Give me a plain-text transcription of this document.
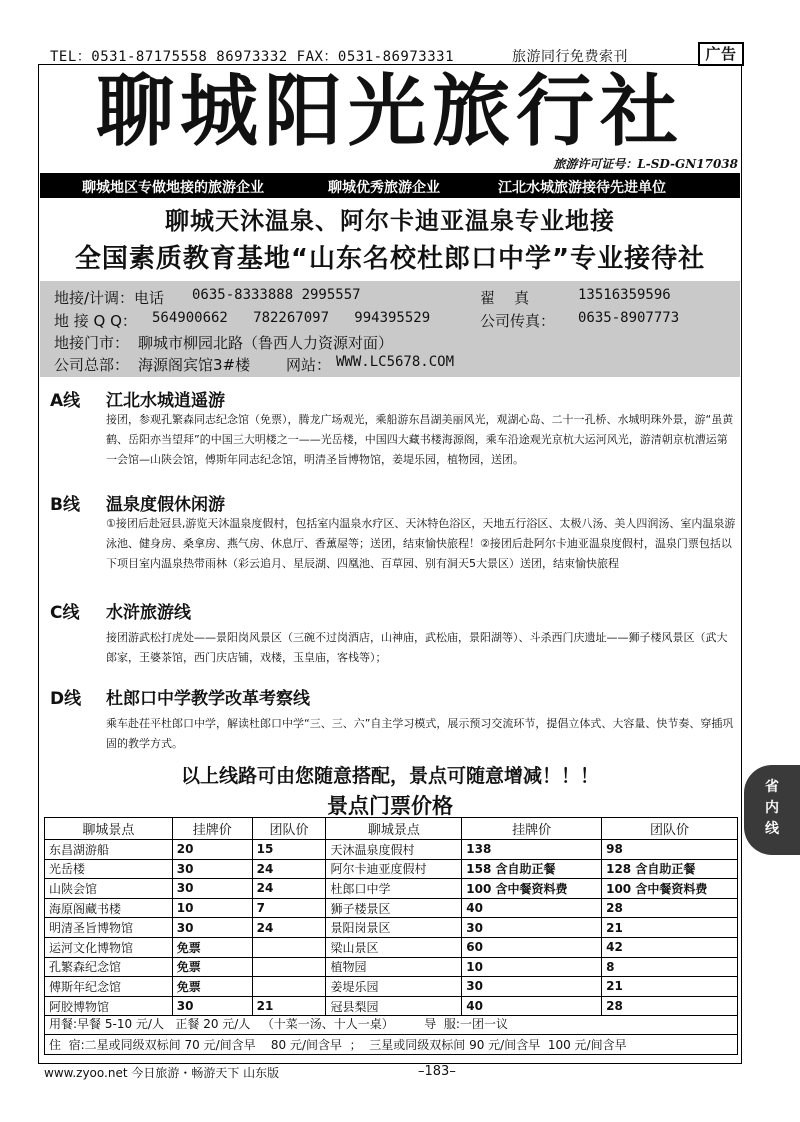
TEL：0531-87175558 86973332 FAX：0531-86973331	旅游同行免费索刊	广告
聊城阳光旅行社
旅游许可证号：L-SD-GN17038
聊城地区专做地接的旅游企业	聊城优秀旅游企业	江北水城旅游接待先进单位
聊城天沐温泉、阿尔卡迪亚温泉专业地接
全国素质教育基地“山东名校杜郎口中学”专业接待社
地接/计调：电话 0635-8333888 2995557	翟    真	13516359596
地 接 Q Q： 564900662   782267097   994395529	公司传真： 0635-8907773
地接门市： 聊城市柳园北路（鲁西人力资源对面）
公司总部： 海源阁宾馆3#楼 网站： WWW.LC5678.COM
A线 江北水城逍遥游
接团，参观孔繁森同志纪念馆（免票），腾龙广场观光，乘船游东昌湖美丽风光，观湖心岛、二十一孔桥、水城明珠外景，游“虽黄鹤、岳阳亦当望拜”的中国三大明楼之一——光岳楼，中国四大藏书楼海源阁，乘车沿途观光京杭大运河风光，游清朝京杭漕运第一会馆—山陕会馆，傅斯年同志纪念馆，明清圣旨博物馆，姜堤乐园，植物园，送团。
B线 温泉度假休闲游
①接团后赴冠县,游览天沐温泉度假村，包括室内温泉水疗区、天沐特色浴区，天地五行浴区、太极八汤、美人四润汤、室内温泉游泳池、健身房、桑拿房、燕气房、休息厅、香薰屋等；送团，结束愉快旅程！②接团后赴阿尔卡迪亚温泉度假村，温泉门票包括以下项目室内温泉热带雨林（彩云追月、星辰湖、四凰池、百草园、别有洞天5大景区）送团，结束愉快旅程
C线 水浒旅游线
接团游武松打虎处——景阳岗风景区（三碗不过岗酒店，山神庙，武松庙，景阳湖等）、斗杀西门庆遗址——狮子楼风景区（武大郎家，王婆茶馆，西门庆店铺，戏楼，玉皇庙，客栈等）；
D线 杜郎口中学教学改革考察线
乘车赴茌平杜郎口中学，解读杜郎口中学“三、三、六”自主学习模式，展示预习交流环节，提倡立体式、大容量、快节奏、穿插巩固的教学方式。
以上线路可由您随意搭配，景点可随意增减！！！
景点门票价格
聊城景点	挂牌价	团队价	聊城景点	挂牌价	团队价
东昌湖游船	20	15	天沐温泉度假村	138	98
光岳楼	30	24	阿尔卡迪亚度假村	158 含自助正餐	128 含自助正餐
山陕会馆	30	24	杜郎口中学	100 含中餐资料费	100 含中餐资料费
海原阁藏书楼	10	7	狮子楼景区	40	28
明清圣旨博物馆	30	24	景阳岗景区	30	21
运河文化博物馆	免票		梁山景区	60	42
孔繁森纪念馆	免票		植物园	10	8
傅斯年纪念馆	免票		姜堤乐园	30	21
阿胶博物馆	30	21	冠县梨园	40	28
用餐:早餐 5-10 元/人   正餐 20 元/人   （十菜一汤、十人一桌）        导  服:一团一议
住  宿:二星或同级双标间 70 元/间含早    80 元/间含早  ；  三星或同级双标间 90 元/间含早  100 元/间含早
www.zyoo.net 今日旅游・畅游天下 山东版	–183–
省
内
线
